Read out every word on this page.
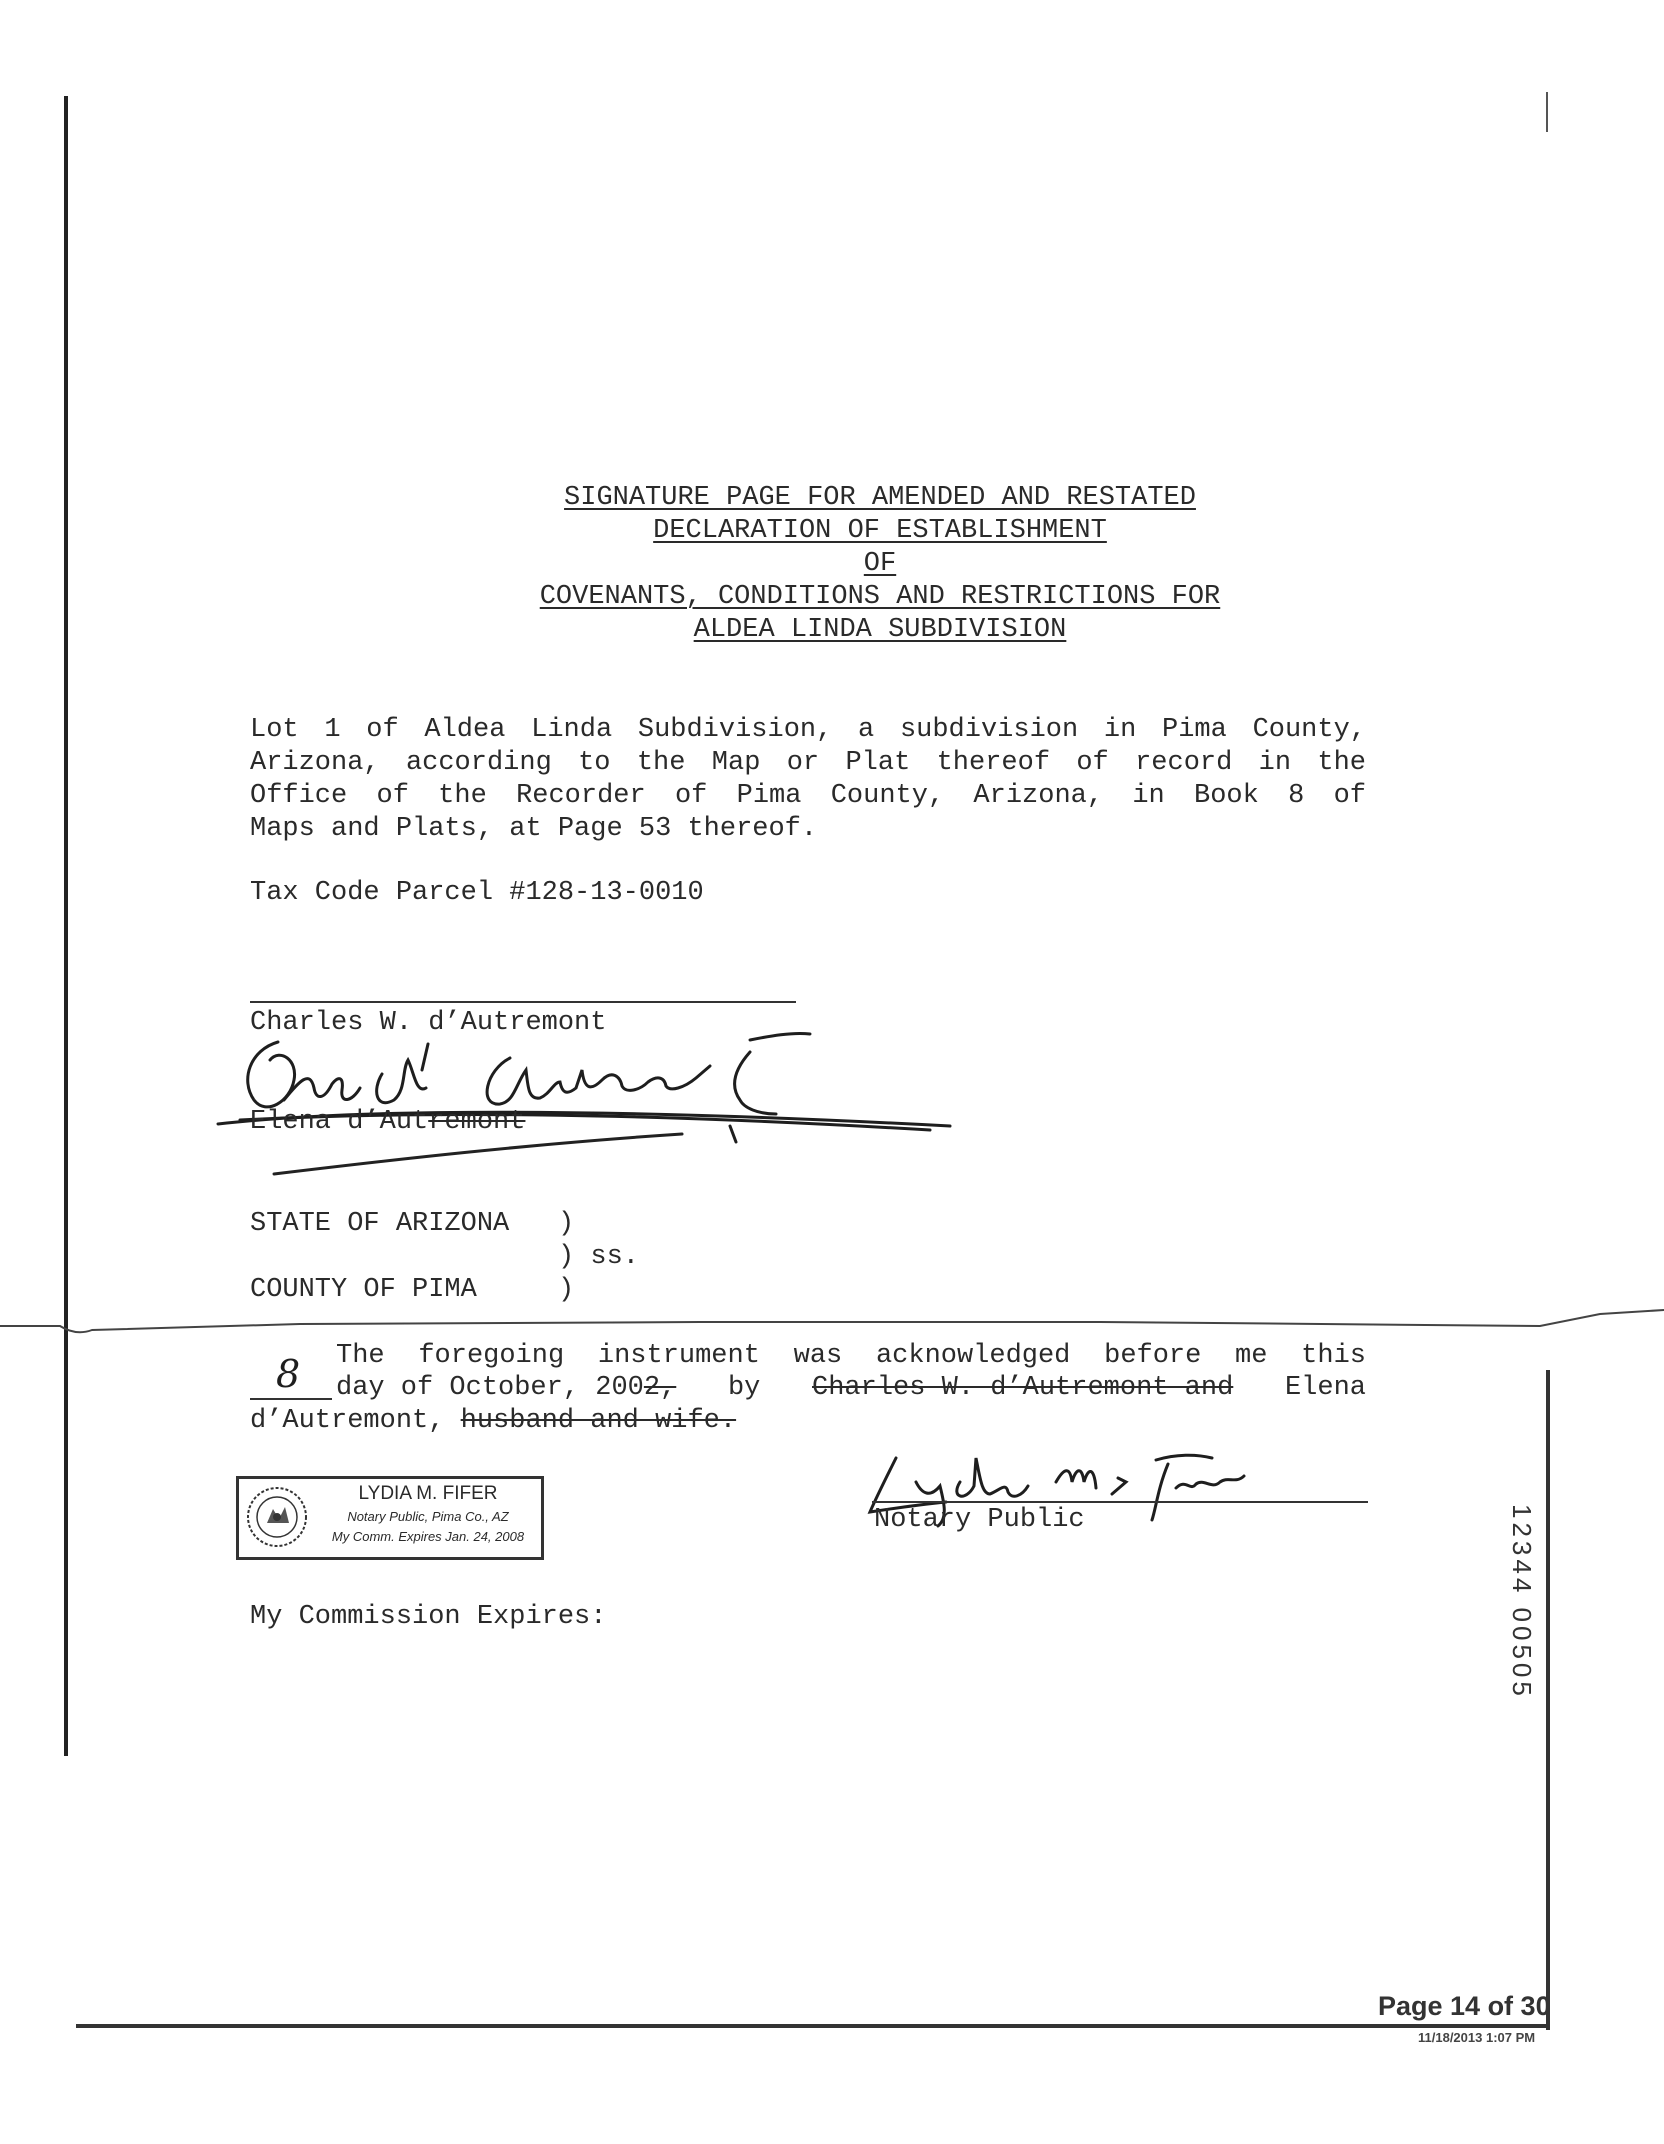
SIGNATURE PAGE FOR AMENDED AND RESTATED
DECLARATION OF ESTABLISHMENT
OF
COVENANTS, CONDITIONS AND RESTRICTIONS FOR
ALDEA LINDA SUBDIVISION
Lot 1 of Aldea Linda Subdivision, a subdivision in Pima County,
Arizona, according to the Map or Plat thereof of record in the
Office of the Recorder of Pima County, Arizona, in Book 8 of
Maps and Plats, at Page 53 thereof.
Tax Code Parcel #128-13-0010
Charles W. d’Autremont
Elena d’Autremont
STATE OF ARIZONA )
) ss.
COUNTY OF PIMA	)
The foregoing instrument was acknowledged before me this
8 day of October, 2002, by Charles W. d’Autremont and Elena
d’Autremont, husband and wife.
LYDIA M. FIFER
Notary Public, Pima Co., AZ
My Comm. Expires Jan. 24, 2008
Notary Public
My Commission Expires:	12344 00505
Page 14 of 30
11/18/2013 1:07 PM
